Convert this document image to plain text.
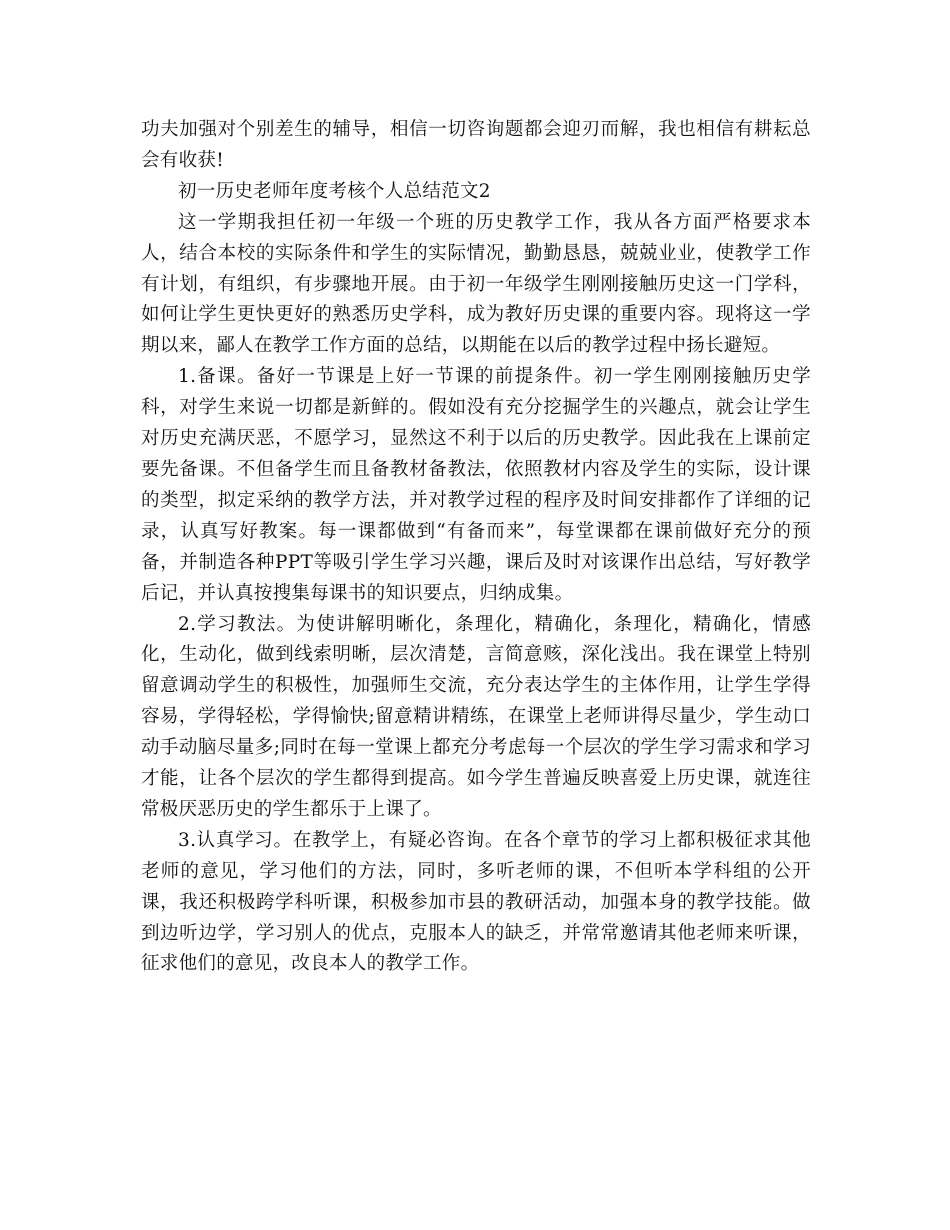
功夫加强对个别差生的辅导，相信一切咨询题都会迎刃而解，我也相信有耕耘总会有收获!

初一历史老师年度考核个人总结范文2

这一学期我担任初一年级一个班的历史教学工作，我从各方面严格要求本人，结合本校的实际条件和学生的实际情况，勤勤恳恳，兢兢业业，使教学工作有计划，有组织，有步骤地开展。由于初一年级学生刚刚接触历史这一门学科，如何让学生更快更好的熟悉历史学科，成为教好历史课的重要内容。现将这一学期以来，鄙人在教学工作方面的总结，以期能在以后的教学过程中扬长避短。

1.备课。备好一节课是上好一节课的前提条件。初一学生刚刚接触历史学科，对学生来说一切都是新鲜的。假如没有充分挖掘学生的兴趣点，就会让学生对历史充满厌恶，不愿学习，显然这不利于以后的历史教学。因此我在上课前定要先备课。不但备学生而且备教材备教法，依照教材内容及学生的实际，设计课的类型，拟定采纳的教学方法，并对教学过程的程序及时间安排都作了详细的记录，认真写好教案。每一课都做到“有备而来”，每堂课都在课前做好充分的预备，并制造各种PPT等吸引学生学习兴趣，课后及时对该课作出总结，写好教学后记，并认真按搜集每课书的知识要点，归纳成集。

2.学习教法。为使讲解明晰化，条理化，精确化，条理化，精确化，情感化，生动化，做到线索明晰，层次清楚，言简意赅，深化浅出。我在课堂上特别留意调动学生的积极性，加强师生交流，充分表达学生的主体作用，让学生学得容易，学得轻松，学得愉快;留意精讲精练，在课堂上老师讲得尽量少，学生动口动手动脑尽量多;同时在每一堂课上都充分考虑每一个层次的学生学习需求和学习才能，让各个层次的学生都得到提高。如今学生普遍反映喜爱上历史课，就连往常极厌恶历史的学生都乐于上课了。

3.认真学习。在教学上，有疑必咨询。在各个章节的学习上都积极征求其他老师的意见，学习他们的方法，同时，多听老师的课，不但听本学科组的公开课，我还积极跨学科听课，积极参加市县的教研活动，加强本身的教学技能。做到边听边学，学习别人的优点，克服本人的缺乏，并常常邀请其他老师来听课，征求他们的意见，改良本人的教学工作。
